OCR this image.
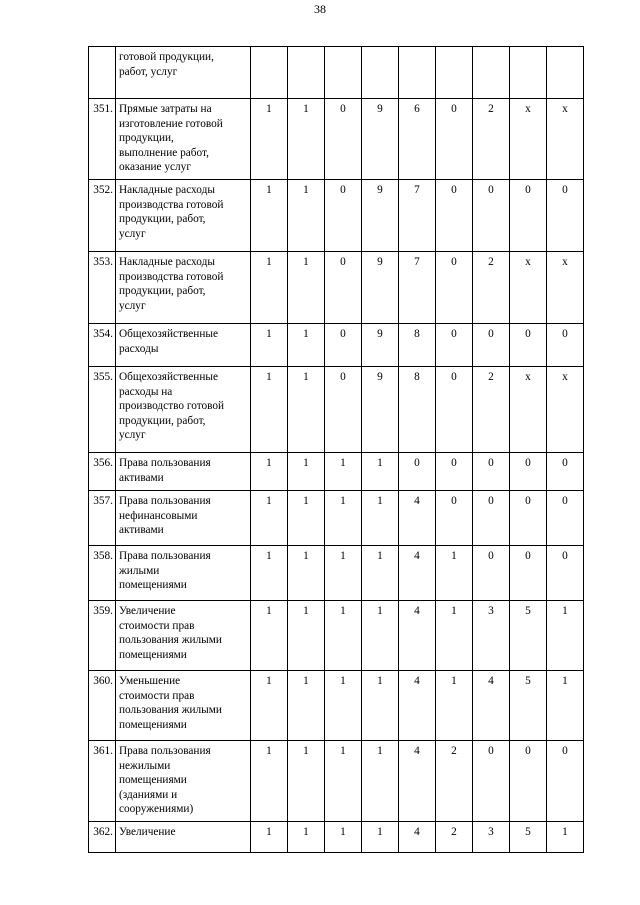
38
	готовой продукции,
работ, услуг									
351.	Прямые затраты на
изготовление готовой
продукции,
выполнение работ,
оказание услуг	1	1	0	9	6	0	2	x	x
352.	Накладные расходы
производства готовой
продукции, работ,
услуг	1	1	0	9	7	0	0	0	0
353.	Накладные расходы
производства готовой
продукции, работ,
услуг	1	1	0	9	7	0	2	x	x
354.	Общехозяйственные
расходы	1	1	0	9	8	0	0	0	0
355.	Общехозяйственные
расходы на
производство готовой
продукции, работ,
услуг	1	1	0	9	8	0	2	x	x
356.	Права пользования
активами	1	1	1	1	0	0	0	0	0
357.	Права пользования
нефинансовыми
активами	1	1	1	1	4	0	0	0	0
358.	Права пользования
жилыми
помещениями	1	1	1	1	4	1	0	0	0
359.	Увеличение
стоимости прав
пользования жилыми
помещениями	1	1	1	1	4	1	3	5	1
360.	Уменьшение
стоимости прав
пользования жилыми
помещениями	1	1	1	1	4	1	4	5	1
361.	Права пользования
нежилыми
помещениями
(зданиями и
сооружениями)	1	1	1	1	4	2	0	0	0
362.	Увеличение	1	1	1	1	4	2	3	5	1
